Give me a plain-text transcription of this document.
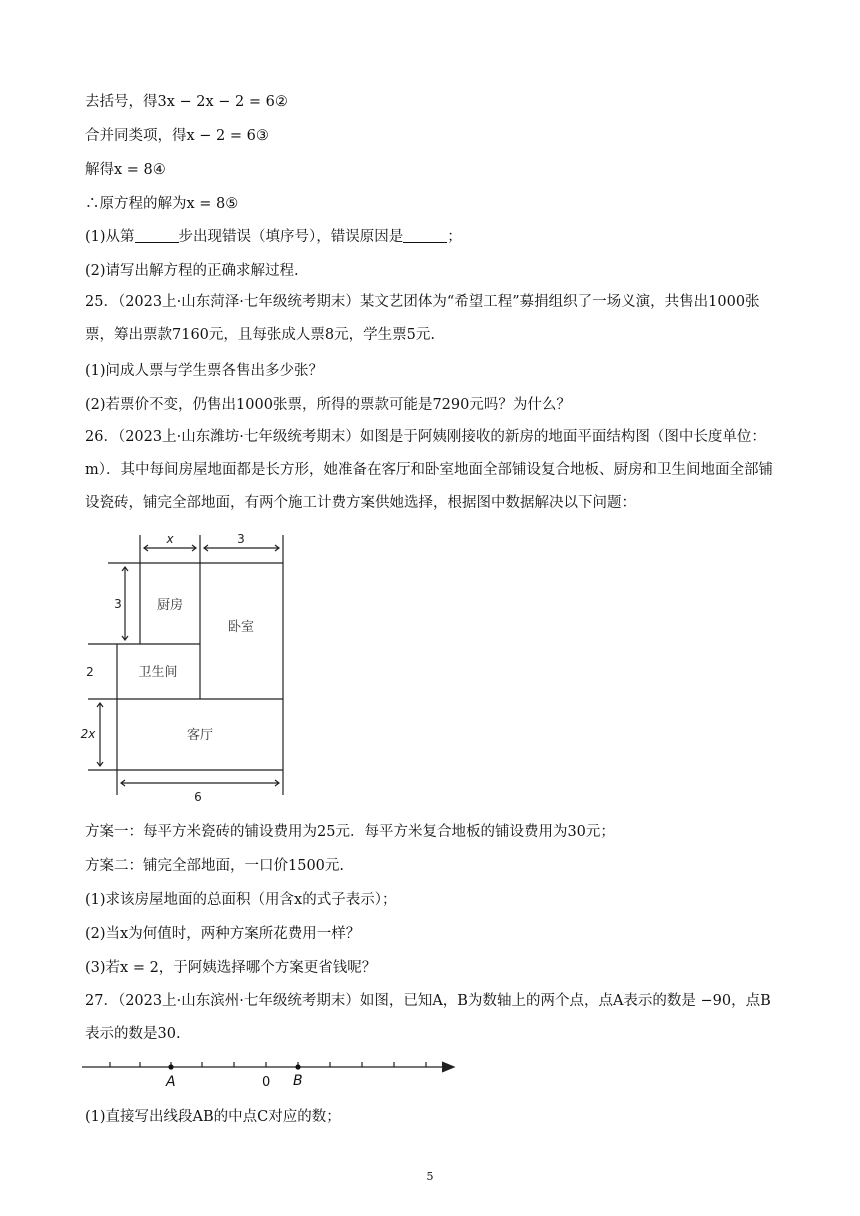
去括号，得3x − 2x − 2 = 6②
合并同类项，得x − 2 = 6③
解得x = 8④
∴原方程的解为x = 8⑤
(1)从第	步出现错误（填序号），错误原因是	；
(2)请写出解方程的正确求解过程.
25．（2023上·山东菏泽·七年级统考期末）某文艺团体为“希望工程”募捐组织了一场义演，共售出1000张票，筹出票款7160元，且每张成人票8元，学生票5元.
(1)问成人票与学生票各售出多少张？
(2)若票价不变，仍售出1000张票，所得的票款可能是7290元吗？为什么？
26．（2023上·山东潍坊·七年级统考期末）如图是于阿姨刚接收的新房的地面平面结构图（图中长度单位：m）．其中每间房屋地面都是长方形，她准备在客厅和卧室地面全部铺设复合地板、厨房和卫生间地面全部铺设瓷砖，铺完全部地面，有两个施工计费方案供她选择，根据图中数据解决以下问题：
x	3
3
2
2x
6
厨房
卧室
卫生间
客厅
方案一：每平方米瓷砖的铺设费用为25元．每平方米复合地板的铺设费用为30元；
方案二：铺完全部地面，一口价1500元.
(1)求该房屋地面的总面积（用含x的式子表示）；
(2)当x为何值时，两种方案所花费用一样？
(3)若x = 2，于阿姨选择哪个方案更省钱呢？
27．（2023上·山东滨州·七年级统考期末）如图，已知A，B为数轴上的两个点，点A表示的数是 −90，点B表示的数是30.
A	0 B
(1)直接写出线段AB的中点C对应的数；
5
